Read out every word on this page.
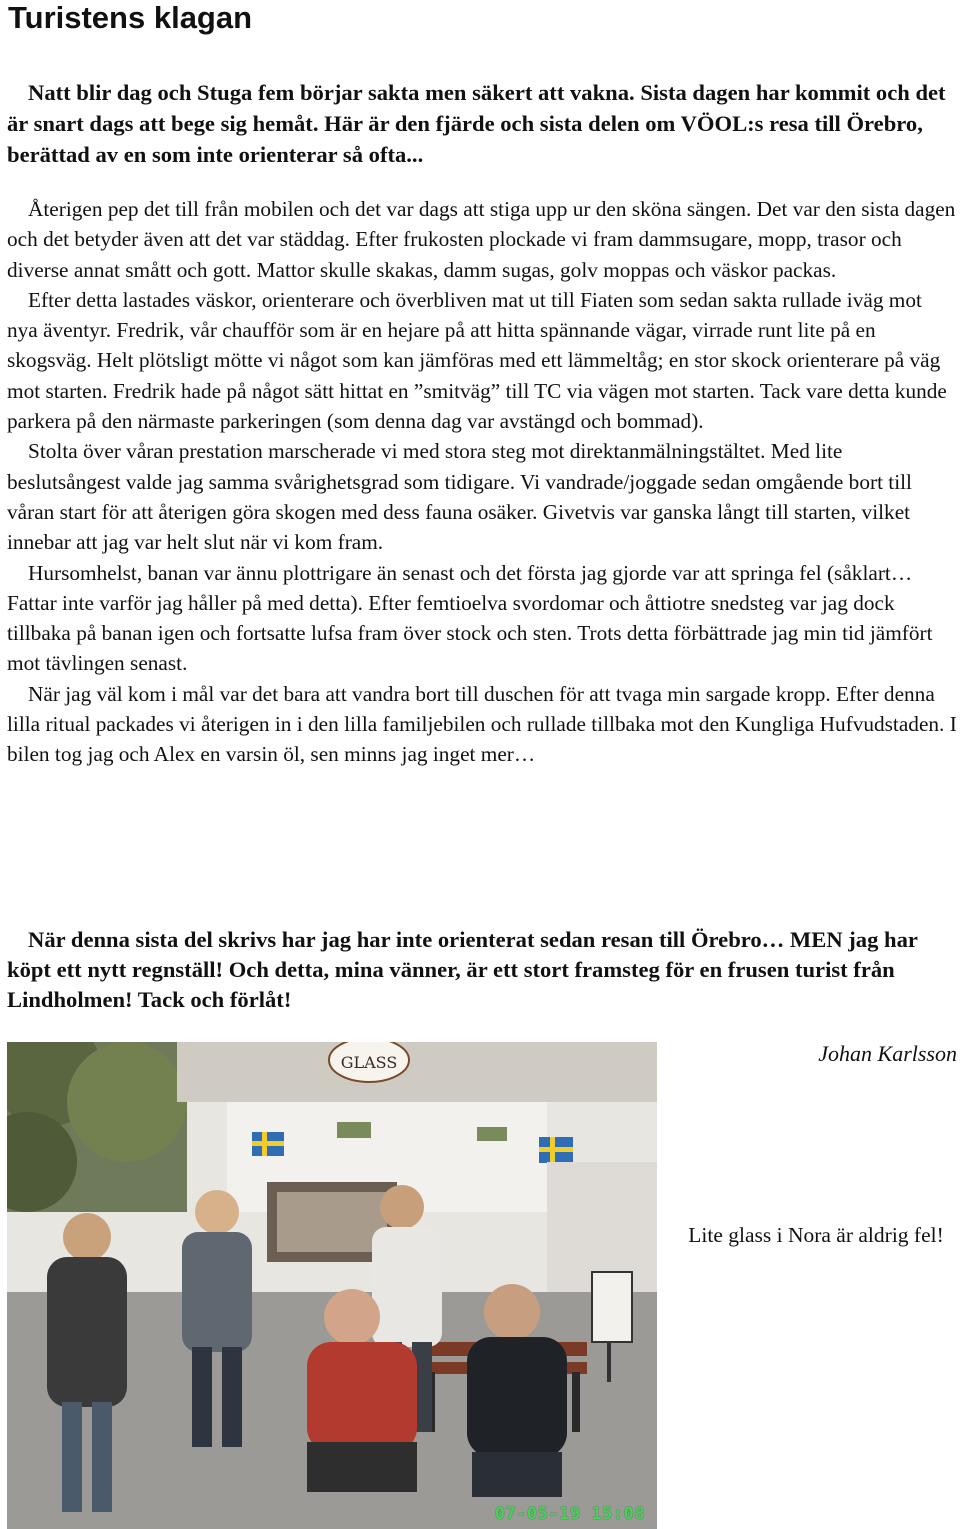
Turistens klagan

Natt blir dag och Stuga fem börjar sakta men säkert att vakna. Sista dagen har kommit och det är snart dags att bege sig hemåt. Här är den fjärde och sista delen om VÖOL:s resa till Örebro, berättad av en som inte orienterar så ofta...

Återigen pep det till från mobilen och det var dags att stiga upp ur den sköna sängen. Det var den sista dagen och det betyder även att det var städdag. Efter frukosten plockade vi fram dammsugare, mopp, trasor och diverse annat smått och gott. Mattor skulle skakas, damm sugas, golv moppas och väskor packas.

Efter detta lastades väskor, orienterare och överbliven mat ut till Fiaten som sedan sakta rullade iväg mot nya äventyr. Fredrik, vår chaufför som är en hejare på att hitta spännande vägar, virrade runt lite på en skogsväg. Helt plötsligt mötte vi något som kan jämföras med ett lämmeltåg; en stor skock orienterare på väg mot starten. Fredrik hade på något sätt hittat en ”smitväg” till TC via vägen mot starten. Tack vare detta kunde parkera på den närmaste parkeringen (som denna dag var avstängd och bommad).

Stolta över våran prestation marscherade vi med stora steg mot direktanmälningstältet. Med lite beslutsångest valde jag samma svårighetsgrad som tidigare. Vi vandrade/joggade sedan omgående bort till våran start för att återigen göra skogen med dess fauna osäker. Givetvis var ganska långt till starten, vilket innebar att jag var helt slut när vi kom fram.

Hursomhelst, banan var ännu plottrigare än senast och det första jag gjorde var att springa fel (såklart… Fattar inte varför jag håller på med detta). Efter femtioelva svordomar och åttiotre snedsteg var jag dock tillbaka på banan igen och fortsatte lufsa fram över stock och sten. Trots detta förbättrade jag min tid jämfört mot tävlingen senast.

När jag väl kom i mål var det bara att vandra bort till duschen för att tvaga min sargade kropp. Efter denna lilla ritual packades vi återigen in i den lilla familjebilen och rullade tillbaka mot den Kungliga Hufvudstaden. I bilen tog jag och Alex en varsin öl, sen minns jag inget mer…

När denna sista del skrivs har jag har inte orienterat sedan resan till Örebro… MEN jag har köpt ett nytt regnställ! Och detta, mina vänner, är ett stort framsteg för en frusen turist från Lindholmen! Tack och förlåt!

Johan Karlsson

GLASS
07-05-19 15:08

Lite glass i Nora är aldrig fel!
